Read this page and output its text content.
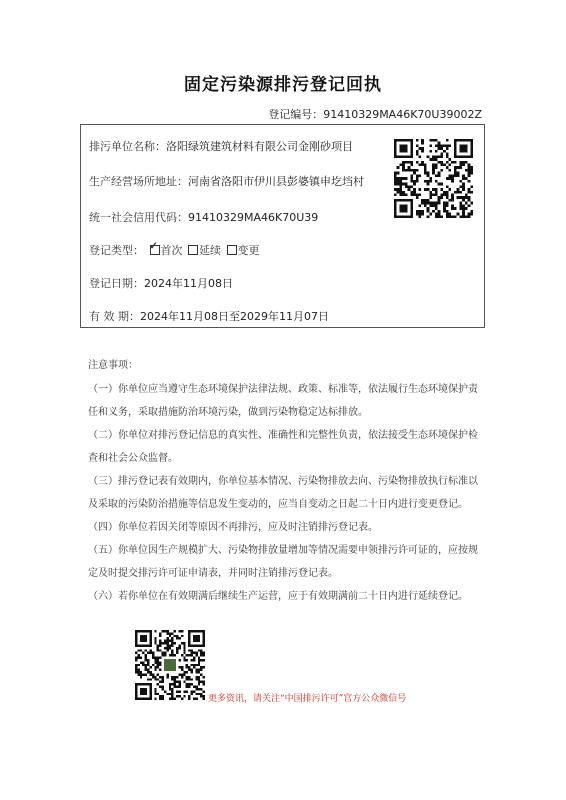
固定污染源排污登记回执
登记编号：91410329MA46K70U39002Z
排污单位名称：洛阳绿筑建筑材料有限公司金刚砂项目
生产经营场所地址：河南省洛阳市伊川县彭婆镇申圪垱村
统一社会信用代码：91410329MA46K70U39
登记类型： ✓ 首次 延续 变更
登记日期：2024年11月08日
有 效 期：2024年11月08日至2029年11月07日
注意事项：
（一）你单位应当遵守生态环境保护法律法规、政策、标准等，依法履行生态环境保护责
任和义务，采取措施防治环境污染，做到污染物稳定达标排放。
（二）你单位对排污登记信息的真实性、准确性和完整性负责，依法接受生态环境保护检
查和社会公众监督。
（三）排污登记表有效期内，你单位基本情况、污染物排放去向、污染物排放执行标准以
及采取的污染防治措施等信息发生变动的，应当自变动之日起二十日内进行变更登记。
（四）你单位若因关闭等原因不再排污，应及时注销排污登记表。
（五）你单位因生产规模扩大、污染物排放量增加等情况需要申领排污许可证的，应按规
定及时提交排污许可证申请表，并同时注销排污登记表。
（六）若你单位在有效期满后继续生产运营，应于有效期满前二十日内进行延续登记。
更多资讯，请关注“中国排污许可”官方公众微信号
